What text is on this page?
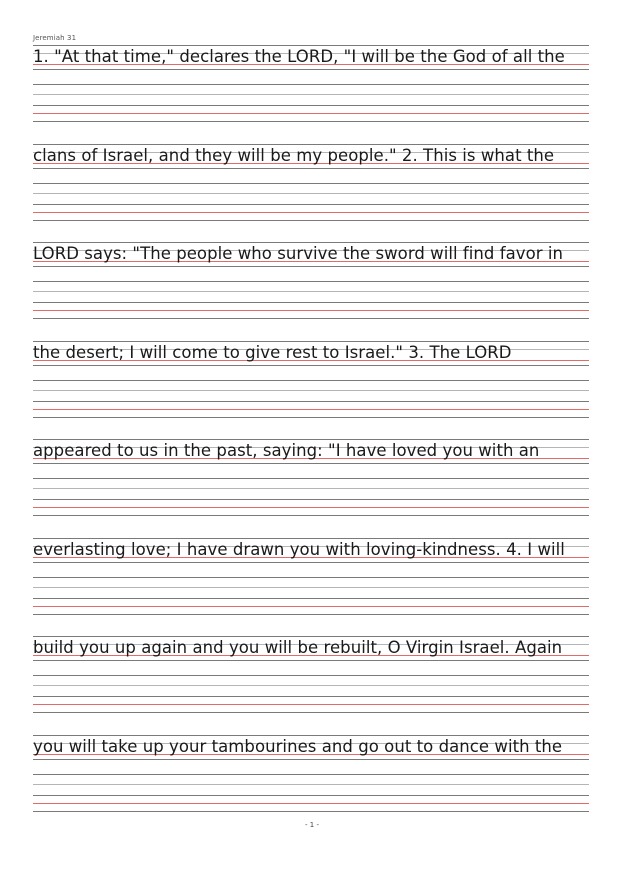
Jeremiah 31
1. "At that time," declares the LORD, "I will be the God of all the
clans of Israel, and they will be my people." 2. This is what the
LORD says: "The people who survive the sword will find favor in
the desert; I will come to give rest to Israel." 3. The LORD
appeared to us in the past, saying: "I have loved you with an
everlasting love; I have drawn you with loving-kindness. 4. I will
build you up again and you will be rebuilt, O Virgin Israel. Again
you will take up your tambourines and go out to dance with the
- 1 -
